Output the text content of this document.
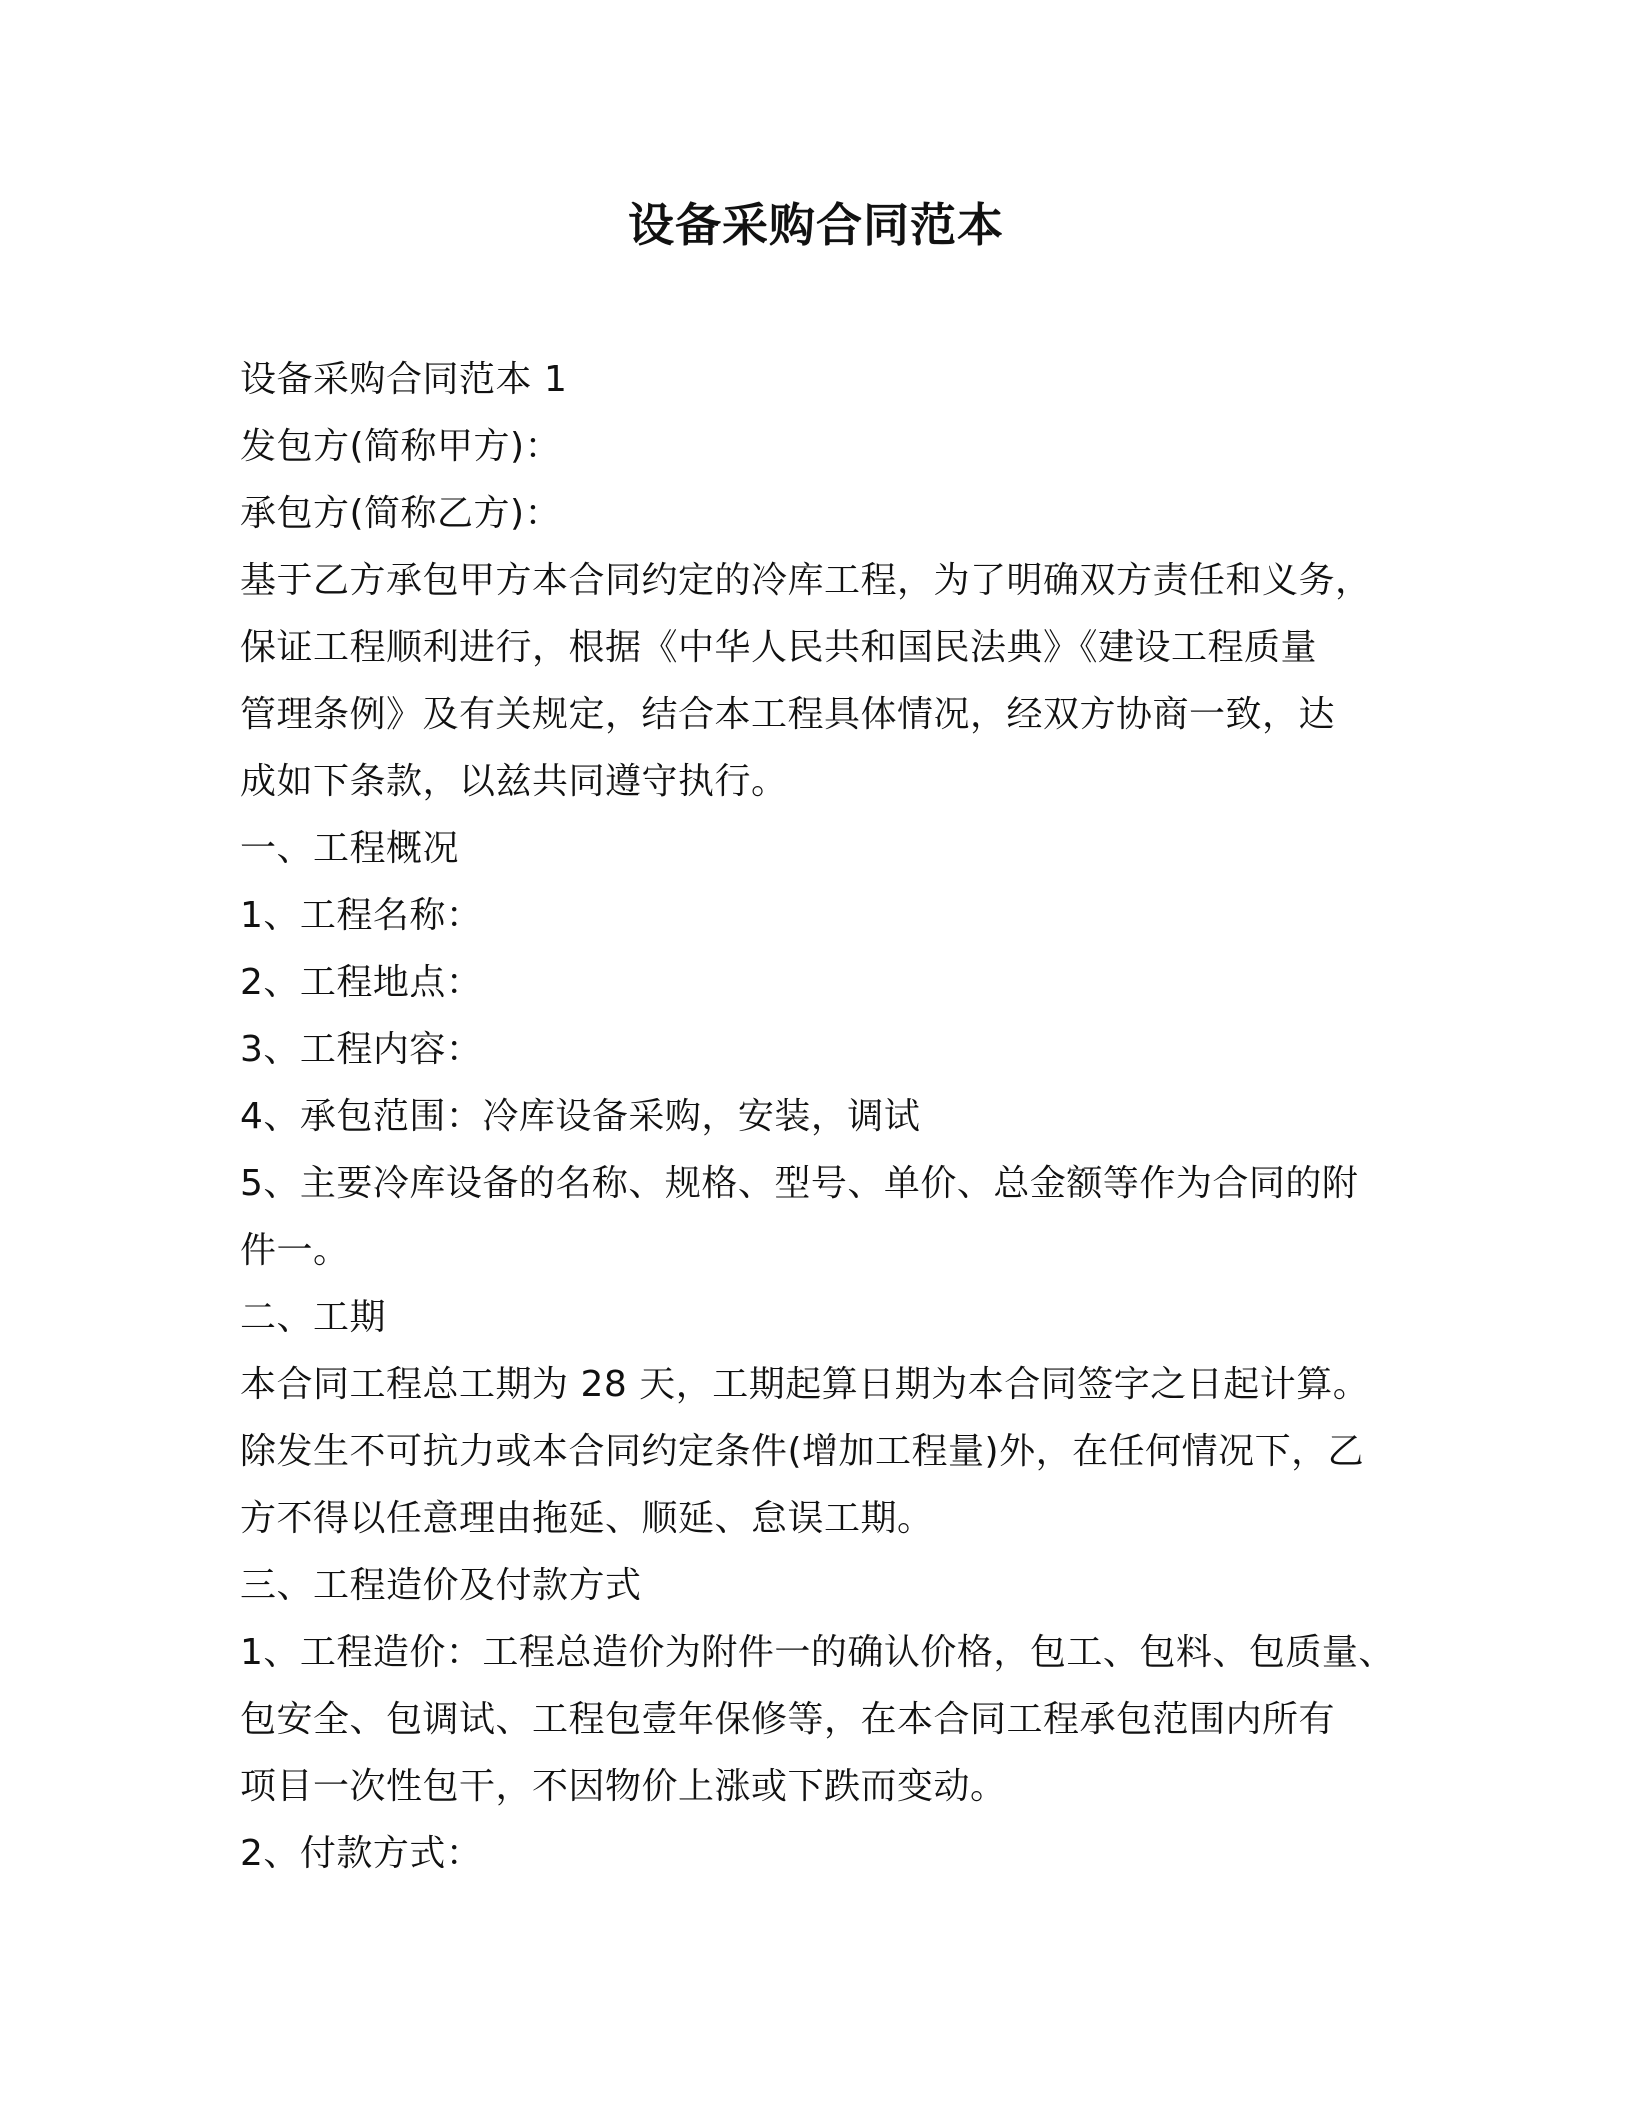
设备采购合同范本
设备采购合同范本 1
发包方(简称甲方)：
承包方(简称乙方)：
基于乙方承包甲方本合同约定的冷库工程，为了明确双方责任和义务，
保证工程顺利进行，根据《中华人民共和国民法典》《建设工程质量
管理条例》及有关规定，结合本工程具体情况，经双方协商一致，达
成如下条款，以兹共同遵守执行。
一、工程概况
1、工程名称：
2、工程地点：
3、工程内容：
4、承包范围：冷库设备采购，安装，调试
5、主要冷库设备的名称、规格、型号、单价、总金额等作为合同的附
件一。
二、工期
本合同工程总工期为 28 天，工期起算日期为本合同签字之日起计算。
除发生不可抗力或本合同约定条件(增加工程量)外，在任何情况下，乙
方不得以任意理由拖延、顺延、怠误工期。
三、工程造价及付款方式
1、工程造价：工程总造价为附件一的确认价格，包工、包料、包质量、
包安全、包调试、工程包壹年保修等，在本合同工程承包范围内所有
项目一次性包干，不因物价上涨或下跌而变动。
2、付款方式：
